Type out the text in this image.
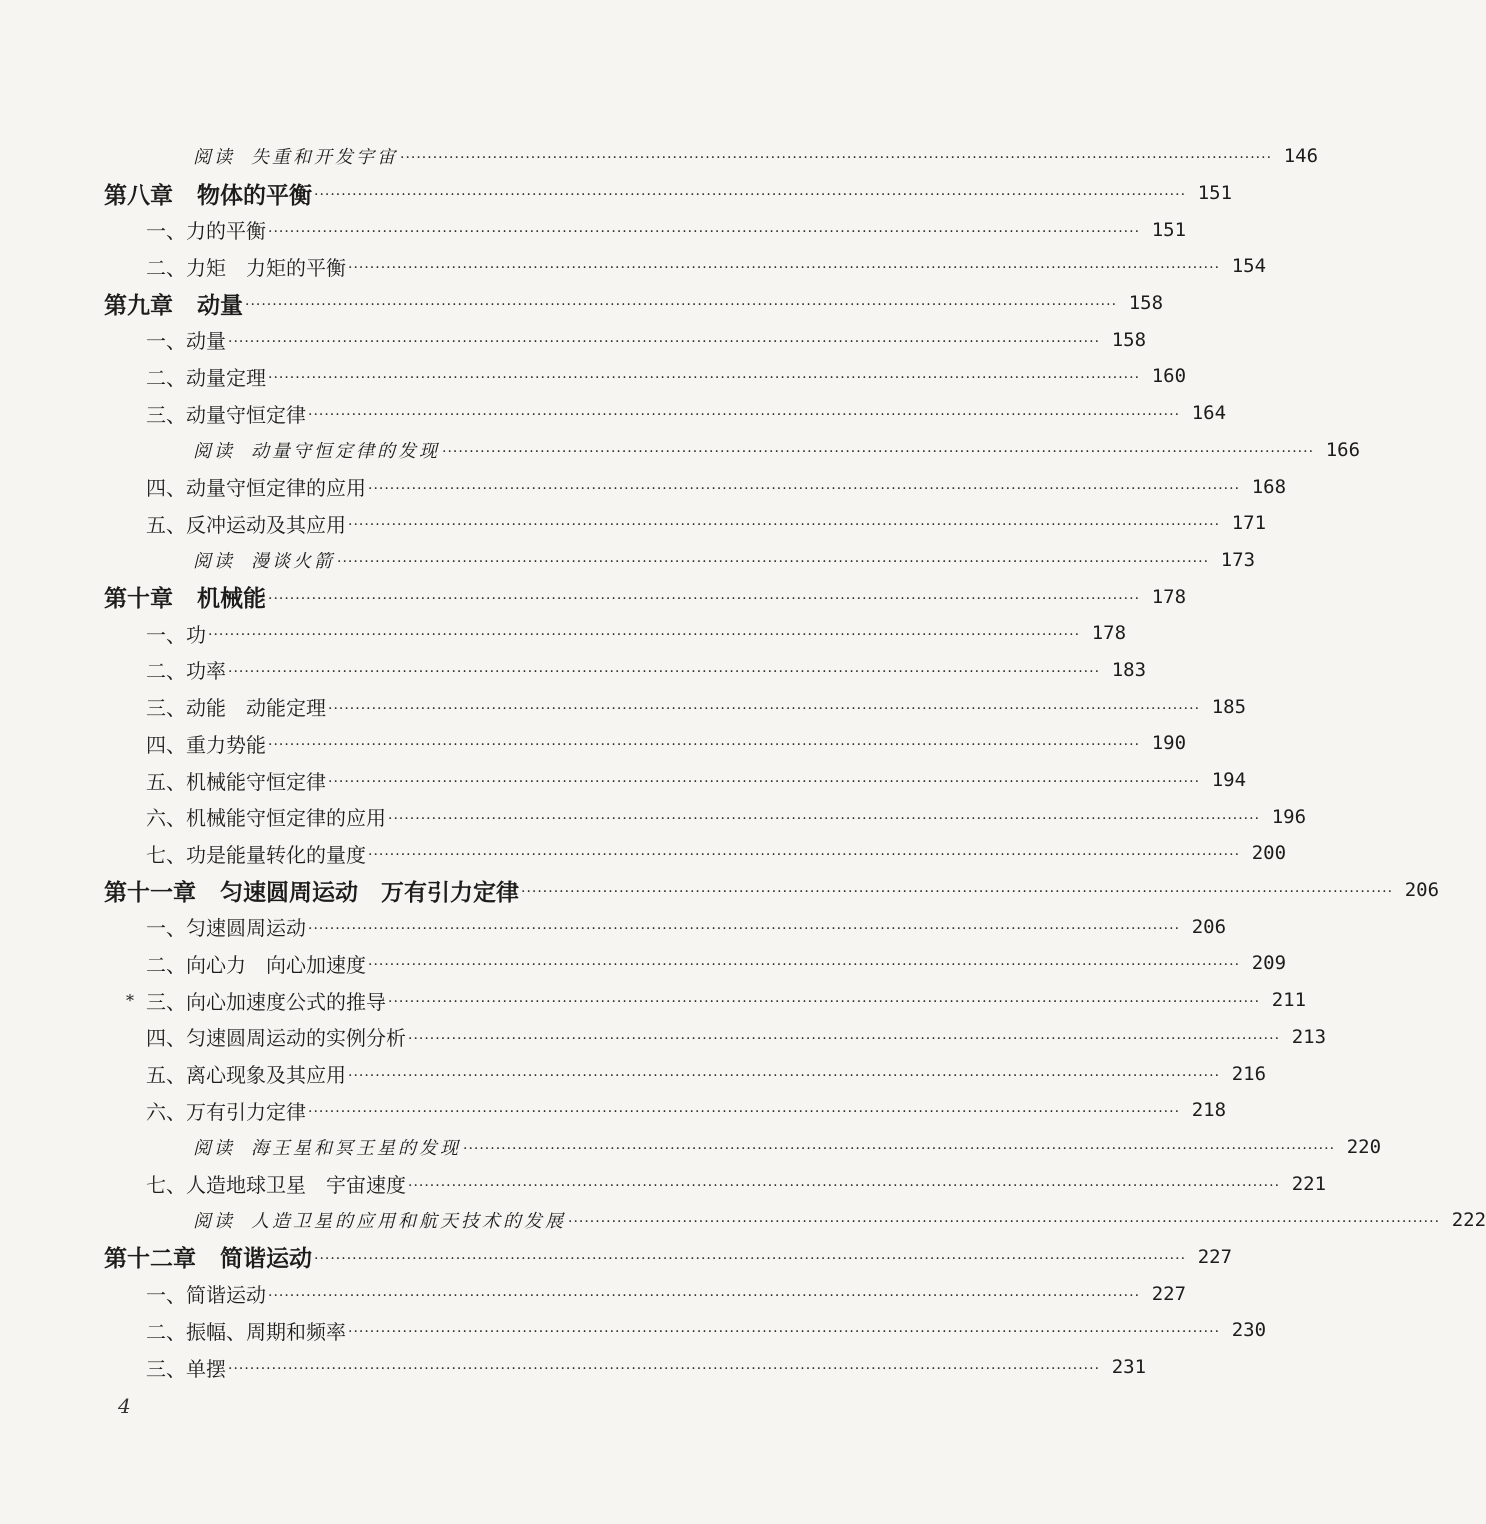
阅读 失重和开发宇宙 ································································································································································ 146
第八章 物体的平衡 ································································································································································ 151
一、力的平衡 ································································································································································ 151
二、力矩　力矩的平衡 ································································································································································ 154
第九章 动量 ································································································································································ 158
一、动量 ································································································································································ 158
二、动量定理 ································································································································································ 160
三、动量守恒定律 ································································································································································ 164
阅读 动量守恒定律的发现 ································································································································································ 166
四、动量守恒定律的应用 ································································································································································ 168
五、反冲运动及其应用 ································································································································································ 171
阅读 漫谈火箭 ································································································································································ 173
第十章 机械能 ································································································································································ 178
一、功 ································································································································································ 178
二、功率 ································································································································································ 183
三、动能　动能定理 ································································································································································ 185
四、重力势能 ································································································································································ 190
五、机械能守恒定律 ································································································································································ 194
六、机械能守恒定律的应用 ································································································································································ 196
七、功是能量转化的量度 ································································································································································ 200
第十一章 匀速圆周运动　万有引力定律 ································································································································································ 206
一、匀速圆周运动 ································································································································································ 206
二、向心力　向心加速度 ································································································································································ 209
* 三、向心加速度公式的推导 ································································································································································ 211
四、匀速圆周运动的实例分析 ································································································································································ 213
五、离心现象及其应用 ································································································································································ 216
六、万有引力定律 ································································································································································ 218
阅读 海王星和冥王星的发现 ································································································································································ 220
七、人造地球卫星　宇宙速度 ································································································································································ 221
阅读 人造卫星的应用和航天技术的发展 ································································································································································ 222
第十二章 简谐运动 ································································································································································ 227
一、简谐运动 ································································································································································ 227
二、振幅、周期和频率 ································································································································································ 230
三、单摆 ································································································································································ 231
4
